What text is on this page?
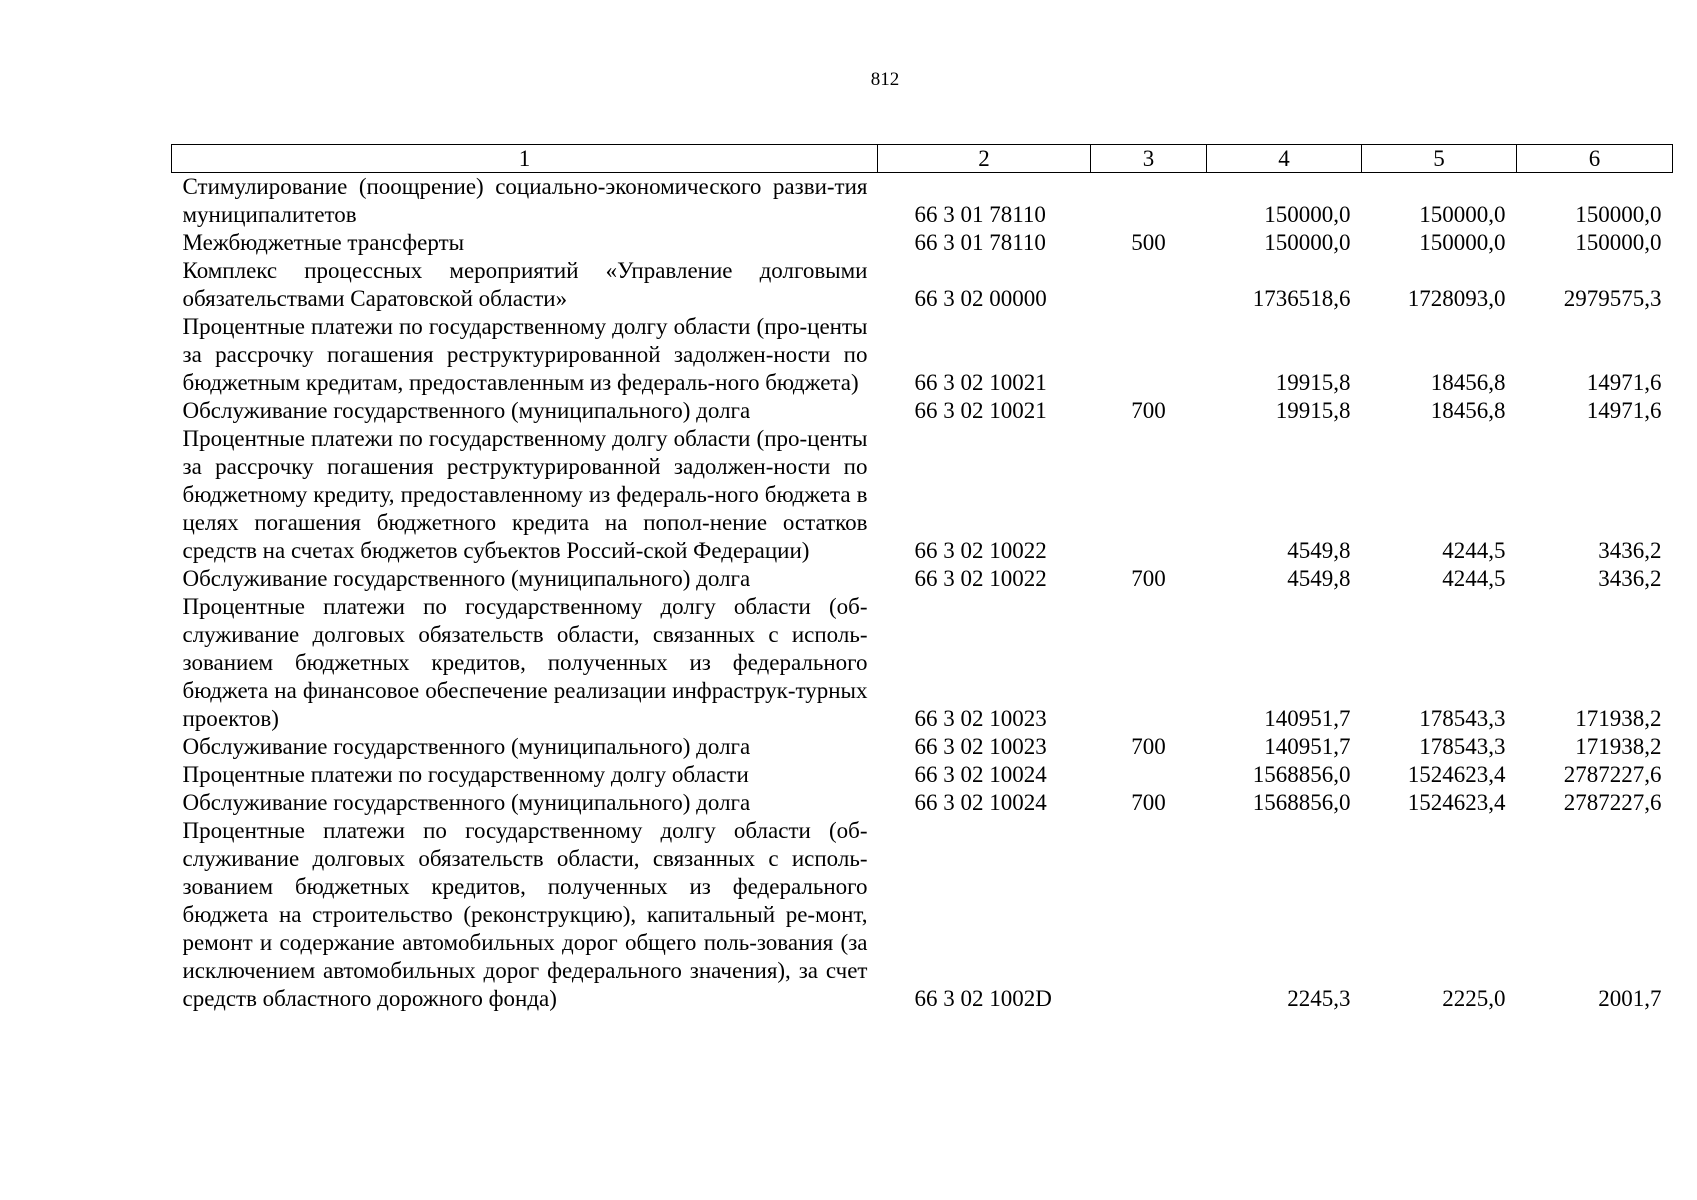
812
1	2	3	4	5	6
Стимулирование (поощрение) социально-экономического разви-тия муниципалитетов	66 3 01 78110		150000,0	150000,0	150000,0
Межбюджетные трансферты	66 3 01 78110	500	150000,0	150000,0	150000,0
Комплекс процессных мероприятий «Управление долговыми обязательствами Саратовской области»	66 3 02 00000		1736518,6	1728093,0	2979575,3
Процентные платежи по государственному долгу области (про-центы за рассрочку погашения реструктурированной задолжен-ности по бюджетным кредитам, предоставленным из федераль-ного бюджета)	66 3 02 10021		19915,8	18456,8	14971,6
Обслуживание государственного (муниципального) долга	66 3 02 10021	700	19915,8	18456,8	14971,6
Процентные платежи по государственному долгу области (про-центы за рассрочку погашения реструктурированной задолжен-ности по бюджетному кредиту, предоставленному из федераль-ного бюджета в целях погашения бюджетного кредита на попол-нение остатков средств на счетах бюджетов субъектов Россий-ской Федерации)	66 3 02 10022		4549,8	4244,5	3436,2
Обслуживание государственного (муниципального) долга	66 3 02 10022	700	4549,8	4244,5	3436,2
Процентные платежи по государственному долгу области (об-служивание долговых обязательств области, связанных с исполь-зованием бюджетных кредитов, полученных из федерального бюджета на финансовое обеспечение реализации инфраструк-турных проектов)	66 3 02 10023		140951,7	178543,3	171938,2
Обслуживание государственного (муниципального) долга	66 3 02 10023	700	140951,7	178543,3	171938,2
Процентные платежи по государственному долгу области	66 3 02 10024		1568856,0	1524623,4	2787227,6
Обслуживание государственного (муниципального) долга	66 3 02 10024	700	1568856,0	1524623,4	2787227,6
Процентные платежи по государственному долгу области (об-служивание долговых обязательств области, связанных с исполь-зованием бюджетных кредитов, полученных из федерального бюджета на строительство (реконструкцию), капитальный ре-монт, ремонт и содержание автомобильных дорог общего поль-зования (за исключением автомобильных дорог федерального значения), за счет средств областного дорожного фонда)	66 3 02 1002D		2245,3	2225,0	2001,7
